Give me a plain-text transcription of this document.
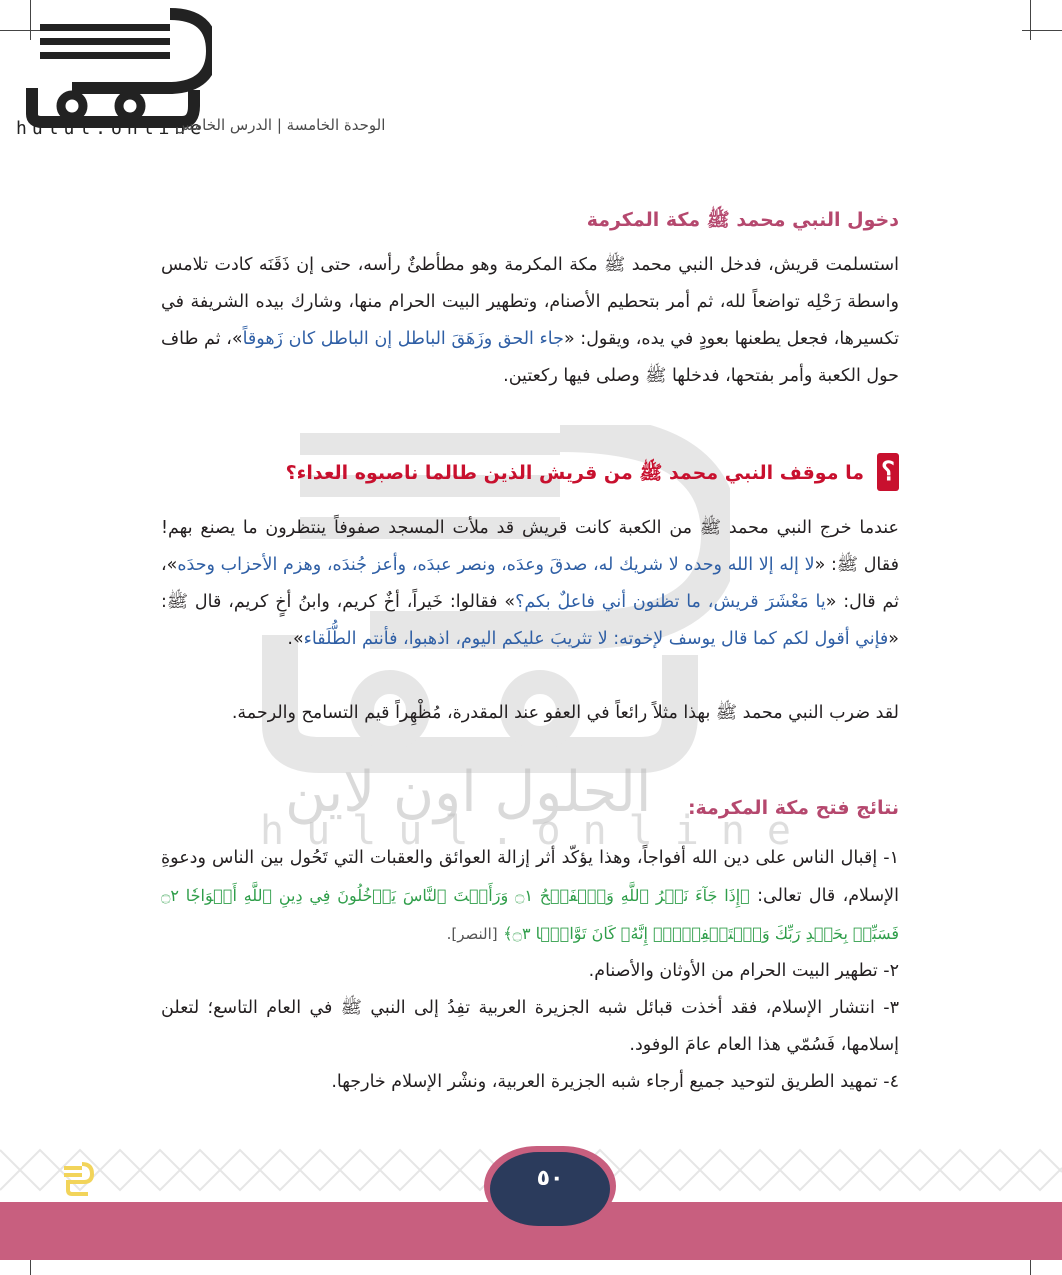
hulul.online
الوحدة الخامسة | الدرس الخامس
الحلول اون لاين
hulul.online
دخول النبي محمد ﷺ مكة المكرمة

استسلمت قريش، فدخل النبي محمد ﷺ مكة المكرمة وهو مطأطئٌ رأسه، حتى إن ذَقَنَه كادت تلامس واسطة رَحْلِه تواضعاً لله، ثم أمر بتحطيم الأصنام، وتطهير البيت الحرام منها، وشارك بيده الشريفة في تكسيرها، فجعل يطعنها بعودٍ في يده، ويقول: «جاء الحق وزَهَقَ الباطل إن الباطل كان زَهوقاً»، ثم طاف حول الكعبة وأمر بفتحها، فدخلها ﷺ وصلى فيها ركعتين.

؟
ما موقف النبي محمد ﷺ من قريش الذين طالما ناصبوه العداء؟

عندما خرج النبي محمد ﷺ من الكعبة كانت قريش قد ملأت المسجد صفوفاً ينتظرون ما يصنع بهم! فقال ﷺ: «لا إله إلا الله وحده لا شريك له، صدقَ وعدَه، ونصر عبدَه، وأعز جُندَه، وهزم الأحزاب وحدَه»، ثم قال: «يا مَعْشَرَ قريش، ما تظنون أني فاعلٌ بكم؟» فقالوا: خَيراً، أخٌ كريم، وابنُ أخٍ كريم، قال ﷺ: «فإني أقول لكم كما قال يوسف لإخوته: لا تثريبَ عليكم اليوم، اذهبوا، فأنتم الطُّلَقاء».

لقد ضرب النبي محمد ﷺ بهذا مثلاً رائعاً في العفو عند المقدرة، مُظْهِراً قيم التسامح والرحمة.

نتائج فتح مكة المكرمة:

١- إقبال الناس على دين الله أفواجاً، وهذا يؤكّد أثر إزالة العوائق والعقبات التي تَحُول بين الناس ودعوةِ الإسلام، قال تعالى: ﴿إِذَا جَآءَ نَصۡرُ ٱللَّهِ وَٱلۡفَتۡحُ ۝١ وَرَأَيۡتَ ٱلنَّاسَ يَدۡخُلُونَ فِي دِينِ ٱللَّهِ أَفۡوَاجٗا ۝٢ فَسَبِّحۡ بِحَمۡدِ رَبِّكَ وَٱسۡتَغۡفِرۡهُۚ إِنَّهُۥ كَانَ تَوَّابَۢا ۝٣﴾ [النصر].

٢- تطهير البيت الحرام من الأوثان والأصنام.

٣- انتشار الإسلام، فقد أخذت قبائل شبه الجزيرة العربية تفِدُ إلى النبي ﷺ في العام التاسع؛ لتعلن إسلامها، فَسُمّي هذا العام عامَ الوفود.

٤- تمهيد الطريق لتوحيد جميع أرجاء شبه الجزيرة العربية، ونشْر الإسلام خارجها.

٥٠
